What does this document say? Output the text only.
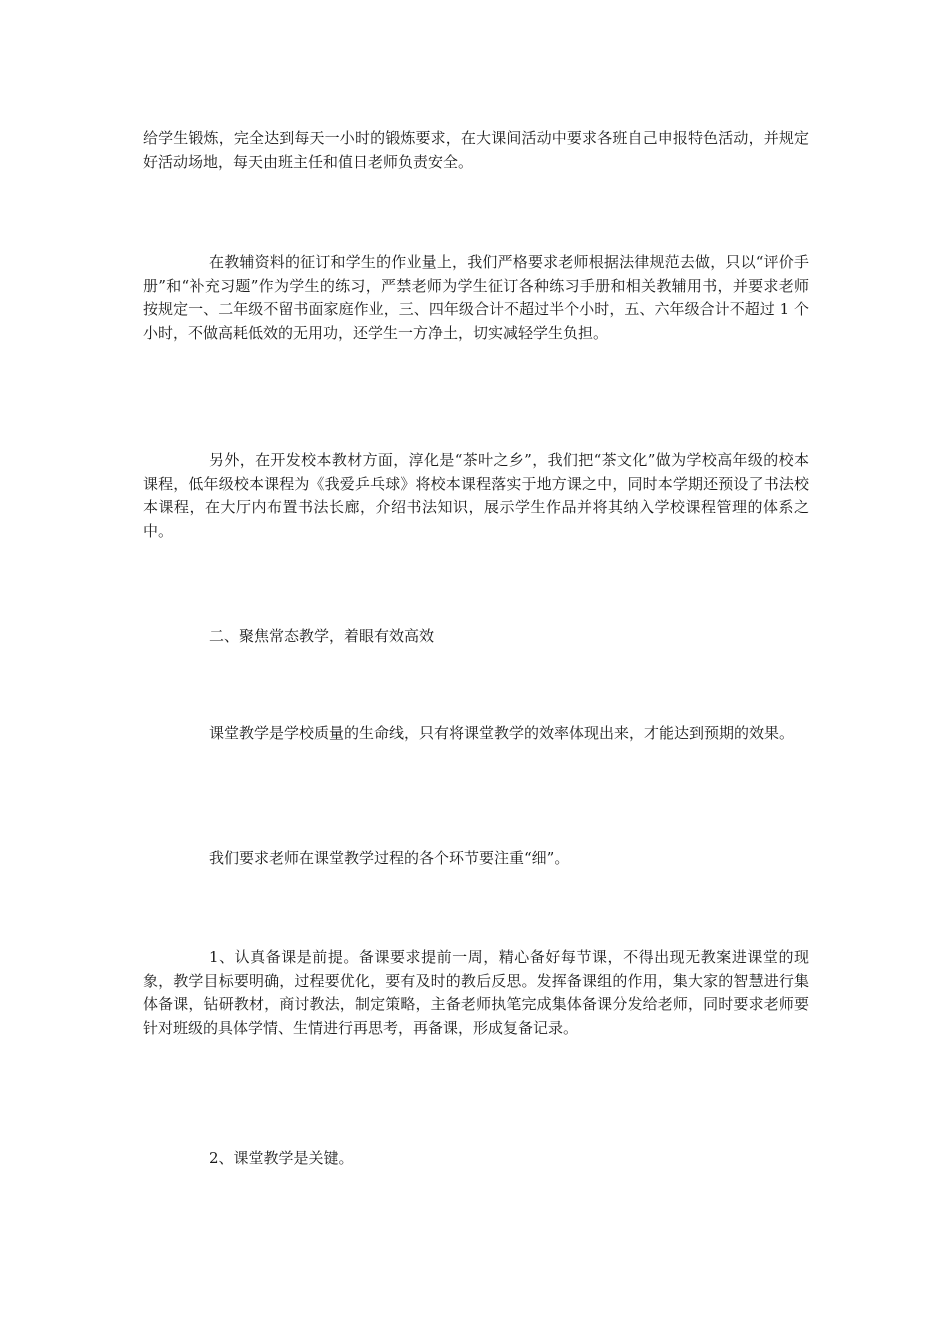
给学生锻炼，完全达到每天一小时的锻炼要求，在大课间活动中要求各班自己申报特色活动，并规定好活动场地，每天由班主任和值日老师负责安全。

在教辅资料的征订和学生的作业量上，我们严格要求老师根据法律规范去做，只以“评价手册”和“补充习题”作为学生的练习，严禁老师为学生征订各种练习手册和相关教辅用书，并要求老师按规定一、二年级不留书面家庭作业，三、四年级合计不超过半个小时，五、六年级合计不超过 1 个小时，不做高耗低效的无用功，还学生一方净土，切实减轻学生负担。

另外，在开发校本教材方面，淳化是“茶叶之乡”，我们把“茶文化”做为学校高年级的校本课程，低年级校本课程为《我爱乒乓球》将校本课程落实于地方课之中，同时本学期还预设了书法校本课程，在大厅内布置书法长廊，介绍书法知识，展示学生作品并将其纳入学校课程管理的体系之中。

二、聚焦常态教学，着眼有效高效

课堂教学是学校质量的生命线，只有将课堂教学的效率体现出来，才能达到预期的效果。

我们要求老师在课堂教学过程的各个环节要注重“细”。

1、认真备课是前提。备课要求提前一周，精心备好每节课，不得出现无教案进课堂的现象，教学目标要明确，过程要优化，要有及时的教后反思。发挥备课组的作用，集大家的智慧进行集体备课，钻研教材，商讨教法，制定策略，主备老师执笔完成集体备课分发给老师，同时要求老师要针对班级的具体学情、生情进行再思考，再备课，形成复备记录。

2、课堂教学是关键。
